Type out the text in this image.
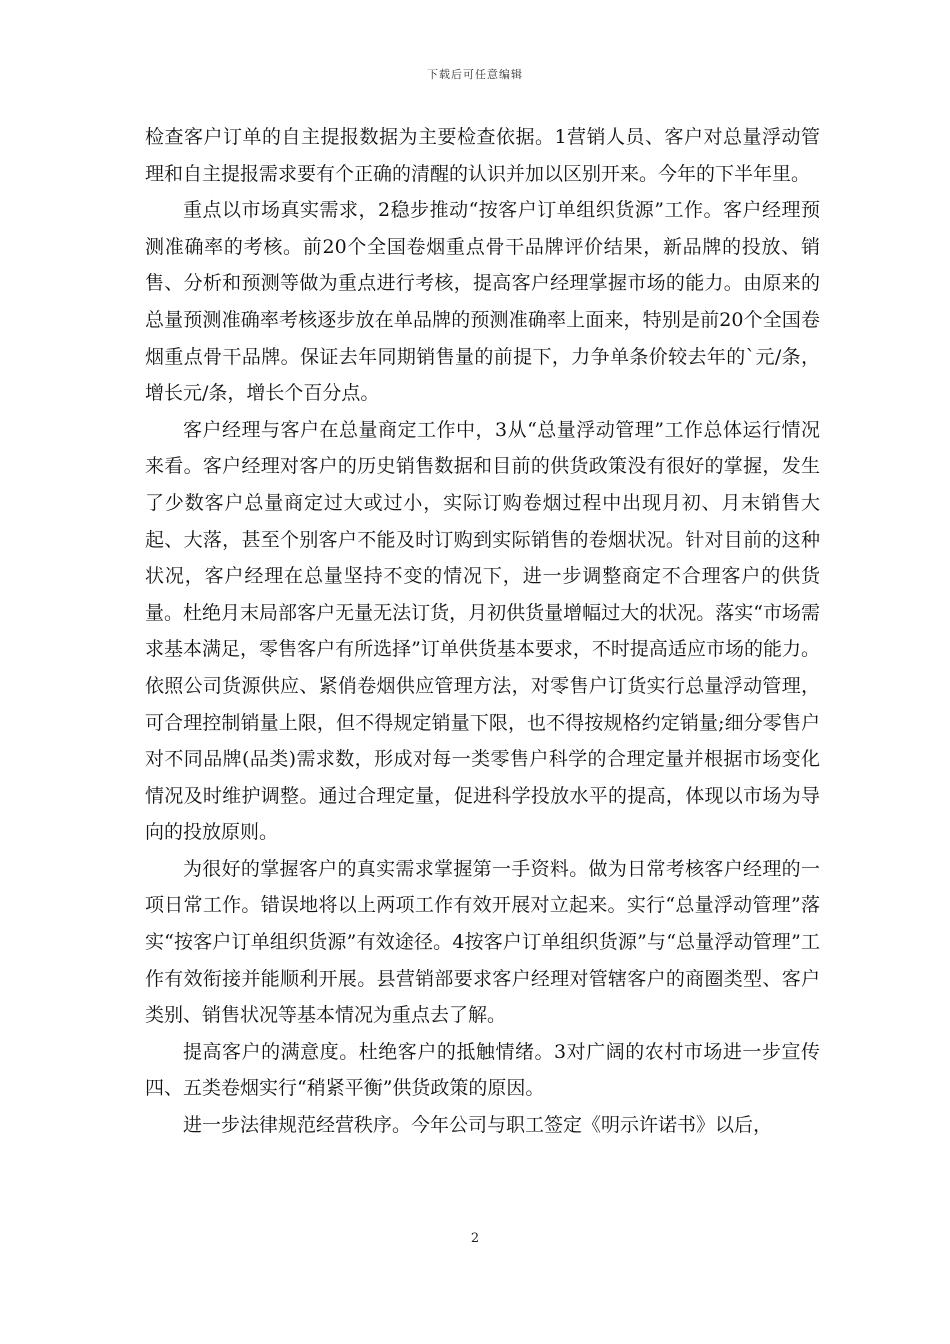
下载后可任意编辑

检查客户订单的自主提报数据为主要检查依据。1营销人员、客户对总量浮动管理和自主提报需求要有个正确的清醒的认识并加以区别开来。今年的下半年里。

重点以市场真实需求，2稳步推动“按客户订单组织货源”工作。客户经理预测准确率的考核。前20个全国卷烟重点骨干品牌评价结果，新品牌的投放、销售、分析和预测等做为重点进行考核，提高客户经理掌握市场的能力。由原来的总量预测准确率考核逐步放在单品牌的预测准确率上面来，特别是前20个全国卷烟重点骨干品牌。保证去年同期销售量的前提下，力争单条价较去年的`元/条，增长元/条，增长个百分点。

客户经理与客户在总量商定工作中，3从“总量浮动管理”工作总体运行情况来看。客户经理对客户的历史销售数据和目前的供货政策没有很好的掌握，发生了少数客户总量商定过大或过小，实际订购卷烟过程中出现月初、月末销售大起、大落，甚至个别客户不能及时订购到实际销售的卷烟状况。针对目前的这种状况，客户经理在总量坚持不变的情况下，进一步调整商定不合理客户的供货量。杜绝月末局部客户无量无法订货，月初供货量增幅过大的状况。落实“市场需求基本满足，零售客户有所选择”订单供货基本要求，不时提高适应市场的能力。依照公司货源供应、紧俏卷烟供应管理方法，对零售户订货实行总量浮动管理，可合理控制销量上限，但不得规定销量下限，也不得按规格约定销量;细分零售户对不同品牌(品类)需求数，形成对每一类零售户科学的合理定量并根据市场变化情况及时维护调整。通过合理定量，促进科学投放水平的提高，体现以市场为导向的投放原则。

为很好的掌握客户的真实需求掌握第一手资料。做为日常考核客户经理的一项日常工作。错误地将以上两项工作有效开展对立起来。实行“总量浮动管理”落实“按客户订单组织货源”有效途径。4按客户订单组织货源”与“总量浮动管理”工作有效衔接并能顺利开展。县营销部要求客户经理对管辖客户的商圈类型、客户类别、销售状况等基本情况为重点去了解。

提高客户的满意度。杜绝客户的抵触情绪。3对广阔的农村市场进一步宣传四、五类卷烟实行“稍紧平衡”供货政策的原因。

进一步法律规范经营秩序。今年公司与职工签定《明示许诺书》以后，

2
